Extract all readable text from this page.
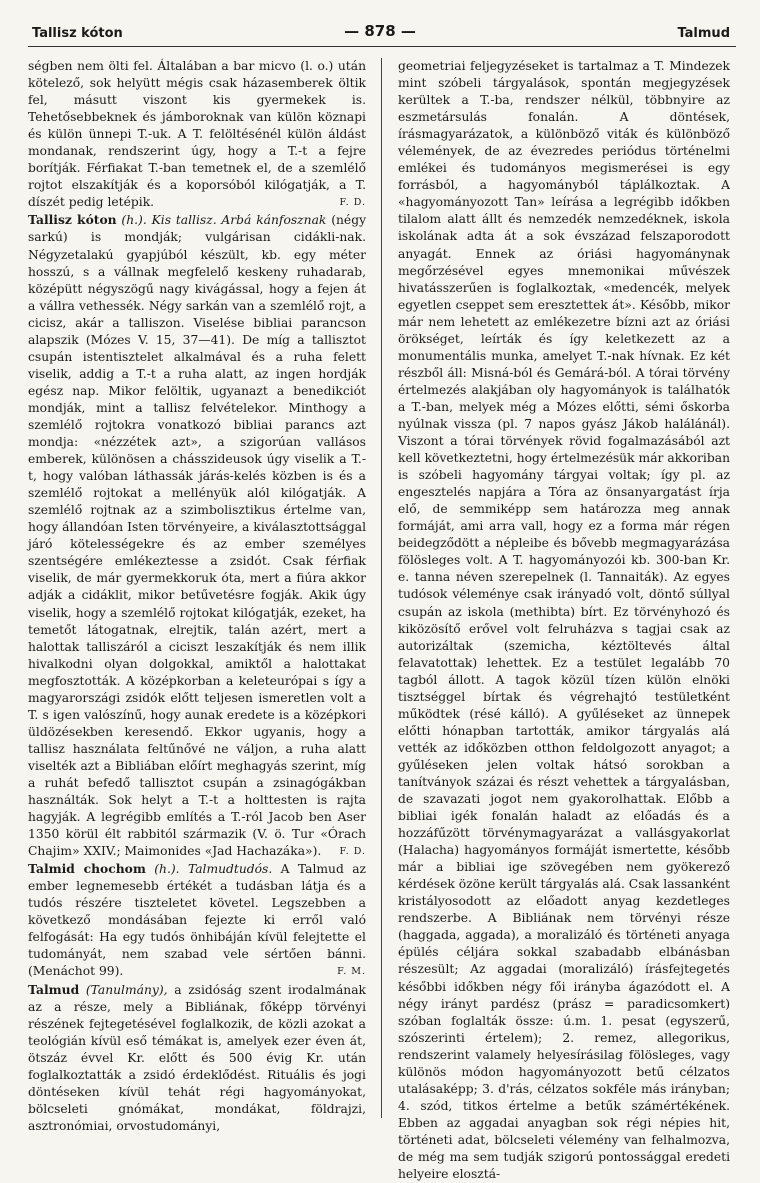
Tallisz kóton	— 878 —	Talmud

ségben nem ölti fel. Általában a bar micvo (l. o.) után kötelező, sok helyütt mégis csak házasemberek öltik fel, másutt viszont kis gyermekek is. Tehetősebbeknek és jámboroknak van külön köznapi és külön ünnepi T.-uk. A T. felöltésénél külön áldást mondanak, rendszerint úgy, hogy a T.-t a fejre borítják. Férfiakat T.-ban temetnek el, de a szemlélő rojtot elszakítják és a koporsóból kilógatják, a T. díszét pedig letépik.	F. D.

Tallisz kóton (h.). Kis tallisz. Arbá kánfosznak (négy sarkú) is mondják; vulgárisan cidákli-nak. Négyzetalakú gyapjúból készült, kb. egy méter hosszú, s a vállnak megfelelő keskeny ruhadarab, középütt négyszögű nagy kivágással, hogy a fejen át a vállra vethessék. Négy sarkán van a szemlélő rojt, a cicisz, akár a talliszon. Viselése bibliai parancson alapszik (Mózes V. 15, 37—41). De míg a tallisztot csupán istentisztelet alkalmával és a ruha felett viselik, addig a T.-t a ruha alatt, az ingen hordják egész nap. Mikor felöltik, ugyanazt a benedikciót mondják, mint a tallisz felvételekor. Minthogy a szemlélő rojtokra vonatkozó bibliai parancs azt mondja: «nézzétek azt», a szigorúan vallásos emberek, különösen a chásszideusok úgy viselik a T.-t, hogy valóban láthassák járás-kelés közben is és a szemlélő rojtokat a mellényük alól kilógatják. A szemlélő rojtnak az a szimbolisztikus értelme van, hogy állandóan Isten törvényeire, a kiválasztottsággal járó kötelességekre és az ember személyes szentségére emlékeztesse a zsidót. Csak férfiak viselik, de már gyermekkoruk óta, mert a fiúra akkor adják a cidáklit, mikor betűvetésre fogják. Akik úgy viselik, hogy a szemlélő rojtokat kilógatják, ezeket, ha temetőt látogatnak, elrejtik, talán azért, mert a halottak talliszáról a ciciszt leszakítják és nem illik hivalkodni olyan dolgokkal, amiktől a halottakat megfosztották. A középkorban a keleteurópai s így a magyarországi zsidók előtt teljesen ismeretlen volt a T. s igen valószínű, hogy aunak eredete is a középkori üldözésekben keresendő. Ekkor ugyanis, hogy a tallisz használata feltűnővé ne váljon, a ruha alatt viselték azt a Bibliában előírt meghagyás szerint, míg a ruhát befedő tallisztot csupán a zsinagógákban használták. Sok helyt a T.-t a holttesten is rajta hagyják. A legrégibb említés a T.-ról Jacob ben Aser 1350 körül élt rabbitól származik (V. ö. Tur «Órach Chajim» XXIV.; Maimonides «Jad Hachazáka»). F. D.

Talmid chochom (h.). Talmudtudós. A Talmud az ember legnemesebb értékét a tudásban látja és a tudós részére tiszteletet követel. Legszebben a következő mondásában fejezte ki erről való felfogását: Ha egy tudós önhibáján kívül felejtette el tudományát, nem szabad vele sértően bánni. (Menáchot 99).	F. M.

Talmud (Tanulmány), a zsidóság szent irodalmának az a része, mely a Bibliának, főképp törvényi részének fejtegetésével foglalkozik, de közli azokat a teológián kívül eső témákat is, amelyek ezer éven át, ötszáz évvel Kr. előtt és 500 évig Kr. után foglalkoztatták a zsidó érdeklődést. Rituális és jogi döntéseken kívül tehát régi hagyományokat, bölcseleti gnómákat, mondákat, földrajzi, asztronómiai, orvostudományi,

geometriai feljegyzéseket is tartalmaz a T. Mindezek mint szóbeli tárgyalások, spontán megjegyzések kerültek a T.-ba, rendszer nélkül, többnyire az eszmetársulás fonalán. A döntések, írásmagyarázatok, a különböző viták és különböző vélemények, de az évezredes periódus történelmi emlékei és tudományos megismerései is egy forrásból, a hagyományból táplálkoztak. A «hagyományozott Tan» leírása a legrégibb időkben tilalom alatt állt és nemzedék nemzedéknek, iskola iskolának adta át a sok évszázad felszaporodott anyagát. Ennek az óriási hagyománynak megőrzésével egyes mnemonikai művészek hivatásszerűen is foglalkoztak, «medencék, melyek egyetlen cseppet sem eresztettek át». Később, mikor már nem lehetett az emlékezetre bízni azt az óriási örökséget, leírták és így keletkezett az a monumentális munka, amelyet T.-nak hívnak. Ez két részből áll: Misná-ból és Gemárá-ból. A tórai törvény értelmezés alakjában oly hagyományok is találhatók a T.-ban, melyek még a Mózes előtti, sémi őskorba nyúlnak vissza (pl. 7 napos gyász Jákob halálánál). Viszont a tórai törvények rövid fogalmazásából azt kell következtetni, hogy értelmezésük már akkoriban is szóbeli hagyomány tárgyai voltak; így pl. az engesztelés napjára a Tóra az önsanyargatást írja elő, de semmiképp sem határozza meg annak formáját, ami arra vall, hogy ez a forma már régen beidegződött a népleibe és bővebb megmagyarázása fölösleges volt. A T. hagyományozói kb. 300-ban Kr. e. tanna néven szerepelnek (l. Tannaiták). Az egyes tudósok véleménye csak irányadó volt, döntő súllyal csupán az iskola (methibta) bírt. Ez törvényhozó és kiközösítő erővel volt felruházva s tagjai csak az autorizáltak (szemicha, kéztöltevés által felavatottak) lehettek. Ez a testület legalább 70 tagból állott. A tagok közül tízen külön elnöki tisztséggel bírtak és végrehajtó testületként működtek (résé kálló). A gyűléseket az ünnepek előtti hónapban tartották, amikor tárgyalás alá vették az időközben otthon feldolgozott anyagot; a gyűléseken jelen voltak hátsó sorokban a tanítványok százai és részt vehettek a tárgyalásban, de szavazati jogot nem gyakorolhattak. Előbb a bibliai igék fonalán haladt az előadás és a hozzáfűzött törvénymagyarázat a vallásgyakorlat (Halacha) hagyományos formáját ismertette, később már a bibliai ige szövegében nem gyökerező kérdések özöne került tárgyalás alá. Csak lassanként kristályosodott az előadott anyag kezdetleges rendszerbe. A Bibliának nem törvényi része (haggada, aggada), a moralizáló és történeti anyaga épülés céljára sokkal szabadabb elbánásban részesült; Az aggadai (moralizáló) írásfejtegetés későbbi időkben négy fői irányba ágazódott el. A négy irányt pardész (prász = paradicsomkert) szóban foglalták össze: ú.m. 1. pesat (egyszerű, szószerinti értelem); 2. remez, allegorikus, rendszerint valamely helyesírásilag fölösleges, vagy különös módon hagyományozott betű célzatos utalásaképp; 3. d'rás, célzatos sokféle más irányban; 4. szód, titkos értelme a betűk számértékének. Ebben az aggadai anyagban sok régi népies hit, történeti adat, bölcseleti vélemény van felhalmozva, de még ma sem tudják szigorú pontossággal eredeti helyeire elosztá-
